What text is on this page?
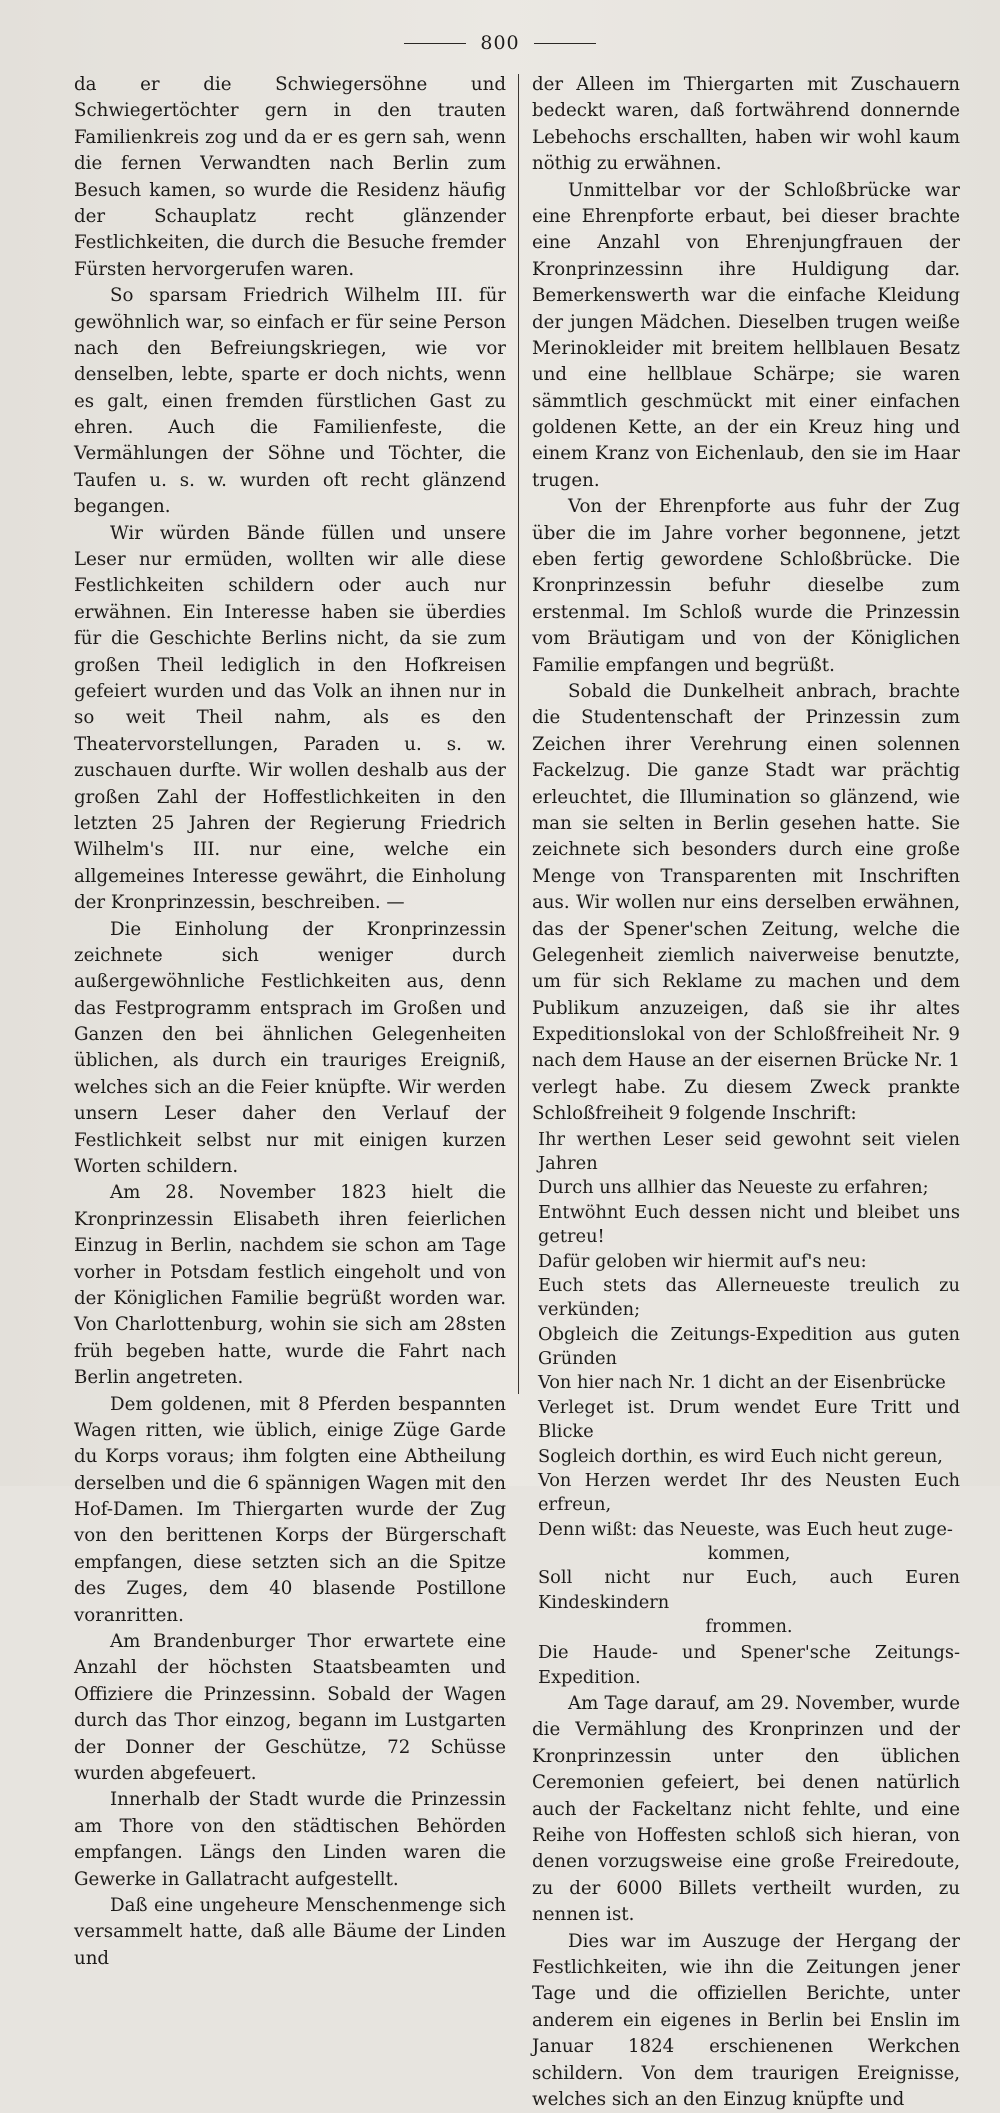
800

da er die Schwiegersöhne und Schwiegertöchter gern in den trauten Familienkreis zog und da er es gern sah, wenn die fernen Verwandten nach Berlin zum Besuch kamen, so wurde die Residenz häufig der Schauplatz recht glänzender Festlichkeiten, die durch die Besuche fremder Fürsten hervorgerufen waren.

So sparsam Friedrich Wilhelm III. für gewöhnlich war, so einfach er für seine Person nach den Befreiungskriegen, wie vor denselben, lebte, sparte er doch nichts, wenn es galt, einen fremden fürstlichen Gast zu ehren. Auch die Familienfeste, die Vermählungen der Söhne und Töchter, die Taufen u. s. w. wurden oft recht glänzend begangen.

Wir würden Bände füllen und unsere Leser nur ermüden, wollten wir alle diese Festlichkeiten schildern oder auch nur erwähnen. Ein Interesse haben sie überdies für die Geschichte Berlins nicht, da sie zum großen Theil lediglich in den Hofkreisen gefeiert wurden und das Volk an ihnen nur in so weit Theil nahm, als es den Theatervorstellungen, Paraden u. s. w. zuschauen durfte. Wir wollen deshalb aus der großen Zahl der Hoffestlichkeiten in den letzten 25 Jahren der Regierung Friedrich Wilhelm's III. nur eine, welche ein allgemeines Interesse gewährt, die Einholung der Kronprinzessin, beschreiben. —

Die Einholung der Kronprinzessin zeichnete sich weniger durch außergewöhnliche Festlichkeiten aus, denn das Festprogramm entsprach im Großen und Ganzen den bei ähnlichen Gelegenheiten üblichen, als durch ein trauriges Ereigniß, welches sich an die Feier knüpfte. Wir werden unsern Leser daher den Verlauf der Festlichkeit selbst nur mit einigen kurzen Worten schildern.

Am 28. November 1823 hielt die Kronprinzessin Elisabeth ihren feierlichen Einzug in Berlin, nachdem sie schon am Tage vorher in Potsdam festlich eingeholt und von der Königlichen Familie begrüßt worden war. Von Charlottenburg, wohin sie sich am 28sten früh begeben hatte, wurde die Fahrt nach Berlin angetreten.

Dem goldenen, mit 8 Pferden bespannten Wagen ritten, wie üblich, einige Züge Garde du Korps voraus; ihm folgten eine Abtheilung derselben und die 6 spännigen Wagen mit den Hof-Damen. Im Thiergarten wurde der Zug von den berittenen Korps der Bürgerschaft empfangen, diese setzten sich an die Spitze des Zuges, dem 40 blasende Postillone voranritten.

Am Brandenburger Thor erwartete eine Anzahl der höchsten Staatsbeamten und Offiziere die Prinzessinn. Sobald der Wagen durch das Thor einzog, begann im Lustgarten der Donner der Geschütze, 72 Schüsse wurden abgefeuert.

Innerhalb der Stadt wurde die Prinzessin am Thore von den städtischen Behörden empfangen. Längs den Linden waren die Gewerke in Gallatracht aufgestellt.

Daß eine ungeheure Menschenmenge sich versammelt hatte, daß alle Bäume der Linden und

der Alleen im Thiergarten mit Zuschauern bedeckt waren, daß fortwährend donnernde Lebehochs erschallten, haben wir wohl kaum nöthig zu erwähnen.

Unmittelbar vor der Schloßbrücke war eine Ehrenpforte erbaut, bei dieser brachte eine Anzahl von Ehrenjungfrauen der Kronprinzessinn ihre Huldigung dar. Bemerkenswerth war die einfache Kleidung der jungen Mädchen. Dieselben trugen weiße Merinokleider mit breitem hellblauen Besatz und eine hellblaue Schärpe; sie waren sämmtlich geschmückt mit einer einfachen goldenen Kette, an der ein Kreuz hing und einem Kranz von Eichenlaub, den sie im Haar trugen.

Von der Ehrenpforte aus fuhr der Zug über die im Jahre vorher begonnene, jetzt eben fertig gewordene Schloßbrücke. Die Kronprinzessin befuhr dieselbe zum erstenmal. Im Schloß wurde die Prinzessin vom Bräutigam und von der Königlichen Familie empfangen und begrüßt.

Sobald die Dunkelheit anbrach, brachte die Studentenschaft der Prinzessin zum Zeichen ihrer Verehrung einen solennen Fackelzug. Die ganze Stadt war prächtig erleuchtet, die Illumination so glänzend, wie man sie selten in Berlin gesehen hatte. Sie zeichnete sich besonders durch eine große Menge von Transparenten mit Inschriften aus. Wir wollen nur eins derselben erwähnen, das der Spener'schen Zeitung, welche die Gelegenheit ziemlich naiverweise benutzte, um für sich Reklame zu machen und dem Publikum anzuzeigen, daß sie ihr altes Expeditionslokal von der Schloßfreiheit Nr. 9 nach dem Hause an der eisernen Brücke Nr. 1 verlegt habe. Zu diesem Zweck prankte Schloßfreiheit 9 folgende Inschrift:

Ihr werthen Leser seid gewohnt seit vielen Jahren
Durch uns allhier das Neueste zu erfahren;
Entwöhnt Euch dessen nicht und bleibet uns getreu!
Dafür geloben wir hiermit auf's neu:
Euch stets das Allerneueste treulich zu verkünden;
Obgleich die Zeitungs-Expedition aus guten Gründen
Von hier nach Nr. 1 dicht an der Eisenbrücke
Verleget ist. Drum wendet Eure Tritt und Blicke
Sogleich dorthin, es wird Euch nicht gereun,
Von Herzen werdet Ihr des Neusten Euch erfreun,
Denn wißt: das Neueste, was Euch heut zuge-
kommen,
Soll nicht nur Euch, auch Euren Kindeskindern
frommen.
Die Haude- und Spener'sche Zeitungs-Expedition.

Am Tage darauf, am 29. November, wurde die Vermählung des Kronprinzen und der Kronprinzessin unter den üblichen Ceremonien gefeiert, bei denen natürlich auch der Fackeltanz nicht fehlte, und eine Reihe von Hoffesten schloß sich hieran, von denen vorzugsweise eine große Freiredoute, zu der 6000 Billets vertheilt wurden, zu nennen ist.

Dies war im Auszuge der Hergang der Festlichkeiten, wie ihn die Zeitungen jener Tage und die offiziellen Berichte, unter anderem ein eigenes in Berlin bei Enslin im Januar 1824 erschienenen Werkchen schildern. Von dem traurigen Ereignisse, welches sich an den Einzug knüpfte und
